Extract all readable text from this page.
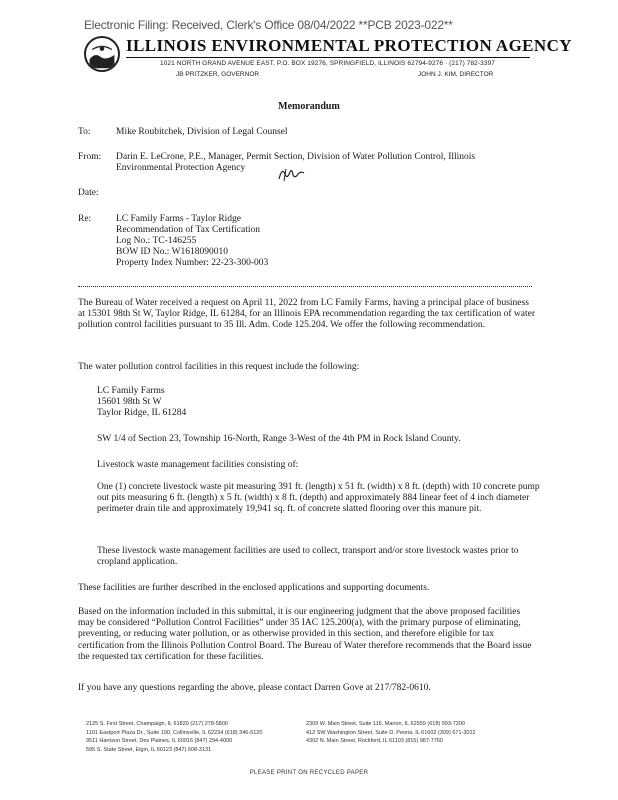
Electronic Filing: Received, Clerk's Office 08/04/2022 **PCB 2023-022**
ILLINOIS ENVIRONMENTAL PROTECTION AGENCY
1021 NORTH GRAND AVENUE EAST, P.O. BOX 19276, SPRINGFIELD, ILLINOIS 62794-9276 · (217) 782-3397
JB PRITZKER, GOVERNOR	JOHN J. KIM, DIRECTOR
Memorandum
To:	Mike Roubitchek, Division of Legal Counsel
From:	Darin E. LeCrone, P.E., Manager, Permit Section, Division of Water Pollution Control, Illinois
Environmental Protection Agency
Date:
Re:	LC Family Farms - Taylor Ridge
Recommendation of Tax Certification
Log No.: TC-146255
BOW ID No.: W1618090010
Property Index Number: 22-23-300-003

The Bureau of Water received a request on April 11, 2022 from LC Family Farms, having a principal place of business at 15301 98th St W, Taylor Ridge, IL 61284, for an Illinois EPA recommendation regarding the tax certification of water pollution control facilities pursuant to 35 Ill. Adm. Code 125.204. We offer the following recommendation.

The water pollution control facilities in this request include the following:

LC Family Farms
15601 98th St W
Taylor Ridge, IL 61284

SW 1/4 of Section 23, Township 16-North, Range 3-West of the 4th PM in Rock Island County.

Livestock waste management facilities consisting of:

One (1) concrete livestock waste pit measuring 391 ft. (length) x 51 ft. (width) x 8 ft. (depth) with 10 concrete pump out pits measuring 6 ft. (length) x 5 ft. (width) x 8 ft. (depth) and approximately 884 linear feet of 4 inch diameter perimeter drain tile and approximately 19,941 sq. ft. of concrete slatted flooring over this manure pit.

These livestock waste management facilities are used to collect, transport and/or store livestock wastes prior to cropland application.

These facilities are further described in the enclosed applications and supporting documents.

Based on the information included in this submittal, it is our engineering judgment that the above proposed facilities may be considered “Pollution Control Facilities” under 35 IAC 125.200(a), with the primary purpose of eliminating, preventing, or reducing water pollution, or as otherwise provided in this section, and therefore eligible for tax certification from the Illinois Pollution Control Board. The Bureau of Water therefore recommends that the Board issue the requested tax certification for these facilities.

If you have any questions regarding the above, please contact Darren Gove at 217/782-0610.

2125 S. First Street, Champaign, IL 61820 (217) 278-5800
1101 Eastport Plaza Dr., Suite 100, Collinsville, IL 62234 (618) 346-5120
9511 Harrison Street, Des Plaines, IL 60016 (847) 294-4000
595 S. State Street, Elgin, IL 60123 (847) 608-3131
2309 W. Main Street, Suite 116, Marion, IL 62959 (618) 993-7200
412 SW Washington Street, Suite D, Peoria, IL 61602 (309) 671-3022
4302 N. Main Street, Rockford, IL 61103 (815) 987-7760
PLEASE PRINT ON RECYCLED PAPER
